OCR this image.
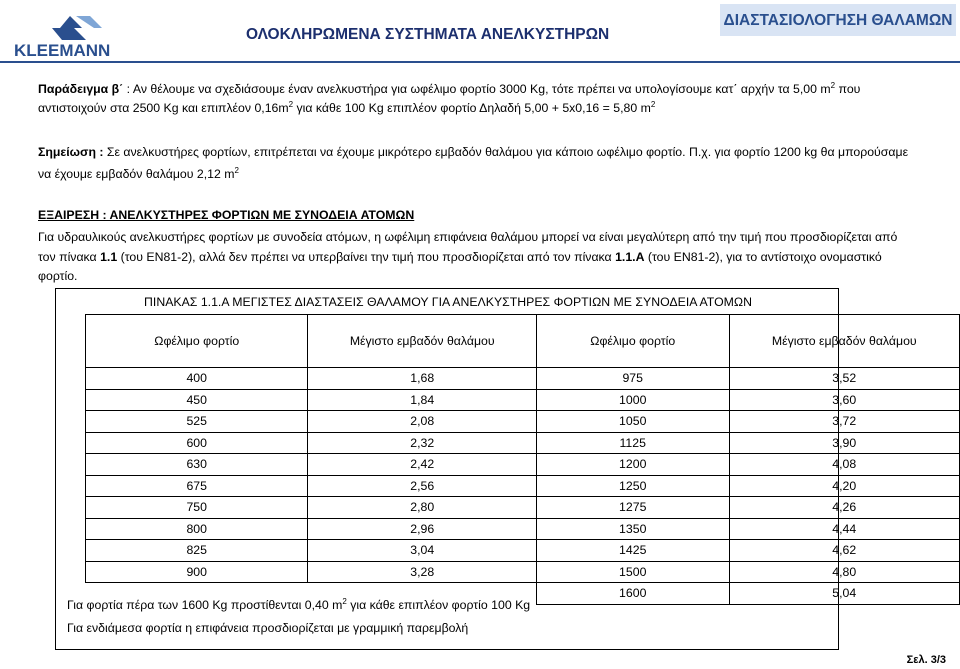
KLEEMANN
ΟΛΟΚΛΗΡΩΜΕΝΑ ΣΥΣΤΗΜΑΤΑ ΑΝΕΛΚΥΣΤΗΡΩΝ
ΔΙΑΣΤΑΣΙΟΛΟΓΗΣΗ ΘΑΛΑΜΩΝ
Παράδειγμα β΄ : Αν θέλουμε να σχεδιάσουμε έναν ανελκυστήρα για ωφέλιμο φορτίο 3000 Kg, τότε πρέπει να υπολογίσουμε κατ΄ αρχήν τα 5,00 $m^2$ που
αντιστοιχούν στα 2500 Kg και επιπλέον $0,16m^2$ για κάθε 100 Kg επιπλέον φορτίο Δηλαδή 5,00 + 5x0,16 = 5,80 $m^2$
Σημείωση : Σε ανελκυστήρες φορτίων, επιτρέπεται να έχουμε μικρότερο εμβαδόν θαλάμου για κάποιο ωφέλιμο φορτίο. Π.χ. για φορτίο 1200 kg θα μπορούσαμε
να έχουμε εμβαδόν θαλάμου 2,12 $m^2$
ΕΞΑΙΡΕΣΗ : ΑΝΕΛΚΥΣΤΗΡΕΣ ΦΟΡΤΙΩΝ ΜΕ ΣΥΝΟΔΕΙΑ ΑΤΟΜΩΝ
Για υδραυλικούς ανελκυστήρες φορτίων με συνοδεία ατόμων, η ωφέλιμη επιφάνεια θαλάμου μπορεί να είναι μεγαλύτερη από την τιμή που προσδιορίζεται από
τον πίνακα 1.1 (του EN81-2), αλλά δεν πρέπει να υπερβαίνει την τιμή που προσδιορίζεται από τον πίνακα 1.1.A (του EN81-2), για το αντίστοιχο ονομαστικό
φορτίο.
ΠΙΝΑΚΑΣ 1.1.Α ΜΕΓΙΣΤΕΣ ΔΙΑΣΤΑΣΕΙΣ ΘΑΛΑΜΟΥ ΓΙΑ ΑΝΕΛΚΥΣΤΗΡΕΣ ΦΟΡΤΙΩΝ ΜΕ ΣΥΝΟΔΕΙΑ ΑΤΟΜΩΝ
Ωφέλιμο φορτίο	Μέγιστο εμβαδόν θαλάμου	Ωφέλιμο φορτίο	Μέγιστο εμβαδόν θαλάμου
400	1,68	975	3,52
450	1,84	1000	3,60
525	2,08	1050	3,72
600	2,32	1125	3,90
630	2,42	1200	4,08
675	2,56	1250	4,20
750	2,80	1275	4,26
800	2,96	1350	4,44
825	3,04	1425	4,62
900	3,28	1500	4,80
		1600	5,04
Για φορτία πέρα των 1600 Kg προστίθενται 0,40 $m^2$ για κάθε επιπλέον φορτίο 100 Kg
Για ενδιάμεσα φορτία η επιφάνεια προσδιορίζεται με γραμμική παρεμβολή
Σελ. 3/3
